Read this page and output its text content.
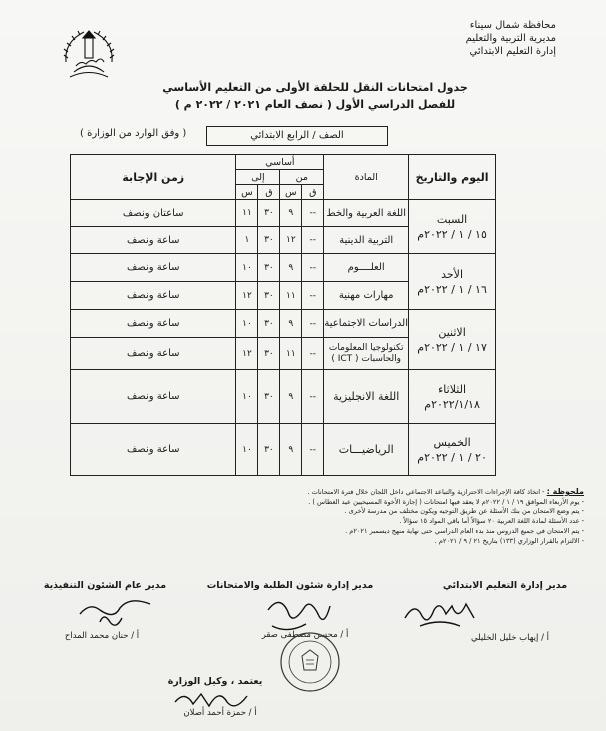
محافظة شمال سيناء
مديرية التربية والتعليم
إدارة التعليم الابتدائي
جدول امتحانات النقل للحلقة الأولى من التعليم الأساسي
للفصل الدراسي الأول ( نصف العام ٢٠٢١ / ٢٠٢٢ م )
الصف / الرابع الابتدائي
( وفق الوارد من الوزارة )
اليوم والتاريخ	المادة	أساسي				زمن الإجابة
		من		إلى		
		ق	س	ق	س	

السبت
١٥ / ١ / ٢٠٢٢م	اللغة العربية والخط	--	٩	٣٠	١١	ساعتان ونصف
	التربية الدينية	--	١٢	٣٠	١	ساعة ونصف

الأحد
١٦ / ١ / ٢٠٢٢م	العلــــوم	--	٩	٣٠	١٠	ساعة ونصف
	مهارات مهنية	--	١١	٣٠	١٢	ساعة ونصف

الاثنين
١٧ / ١ / ٢٠٢٢م	الدراسات الاجتماعية	--	٩	٣٠	١٠	ساعة ونصف
	تكنولوجيا المعلومات والحاسبات ( ICT )	--	١١	٣٠	١٢	ساعة ونصف

الثلاثاء
٢٠٢٢/١/١٨م	اللغة الانجليزية	--	٩	٣٠	١٠	ساعة ونصف

الخميس
٢٠ / ١ / ٢٠٢٢م	الرياضيـــات	--	٩	٣٠	١٠	ساعة ونصف
ملحوظة : - اتخاذ كافة الإجراءات الاحترازية والتباعد الاجتماعي داخل اللجان خلال فترة الامتحانات .
- يوم الأربعاء الموافق ١٩ / ١ / ٢٠٢٢م لا يعقد فيها امتحانات ( إجازة الأخوة المسيحيين عيد الغطاس ) .
- يتم وضع الامتحان من بنك الأسئلة عن طريق التوجيه ويكون مختلف من مدرسة لأخرى .
- عدد الأسئلة لمادة اللغة العربية ٢٠ سؤالاً أما باقي المواد ١٥ سؤالاً .
- يتم الامتحان في جميع الدروس منذ بدء العام الدراسي حتى نهاية منهج ديسمبر ٢٠٢١م .
- الالتزام بالقرار الوزاري (١٣٣) بتاريخ ٢١ / ٩ / ٢٠٢١م .
مدير إدارة التعليم الابتدائي
مدير إدارة شئون الطلبة والامتحانات
مدير عام الشئون التنفيذية
أ / إيهاب خليل الخليلي
أ / محسن مصطفى صقر
أ / حنان محمد المداح
يعتمد ، وكيل الوزارة
أ / حمزة أحمد أصلان
